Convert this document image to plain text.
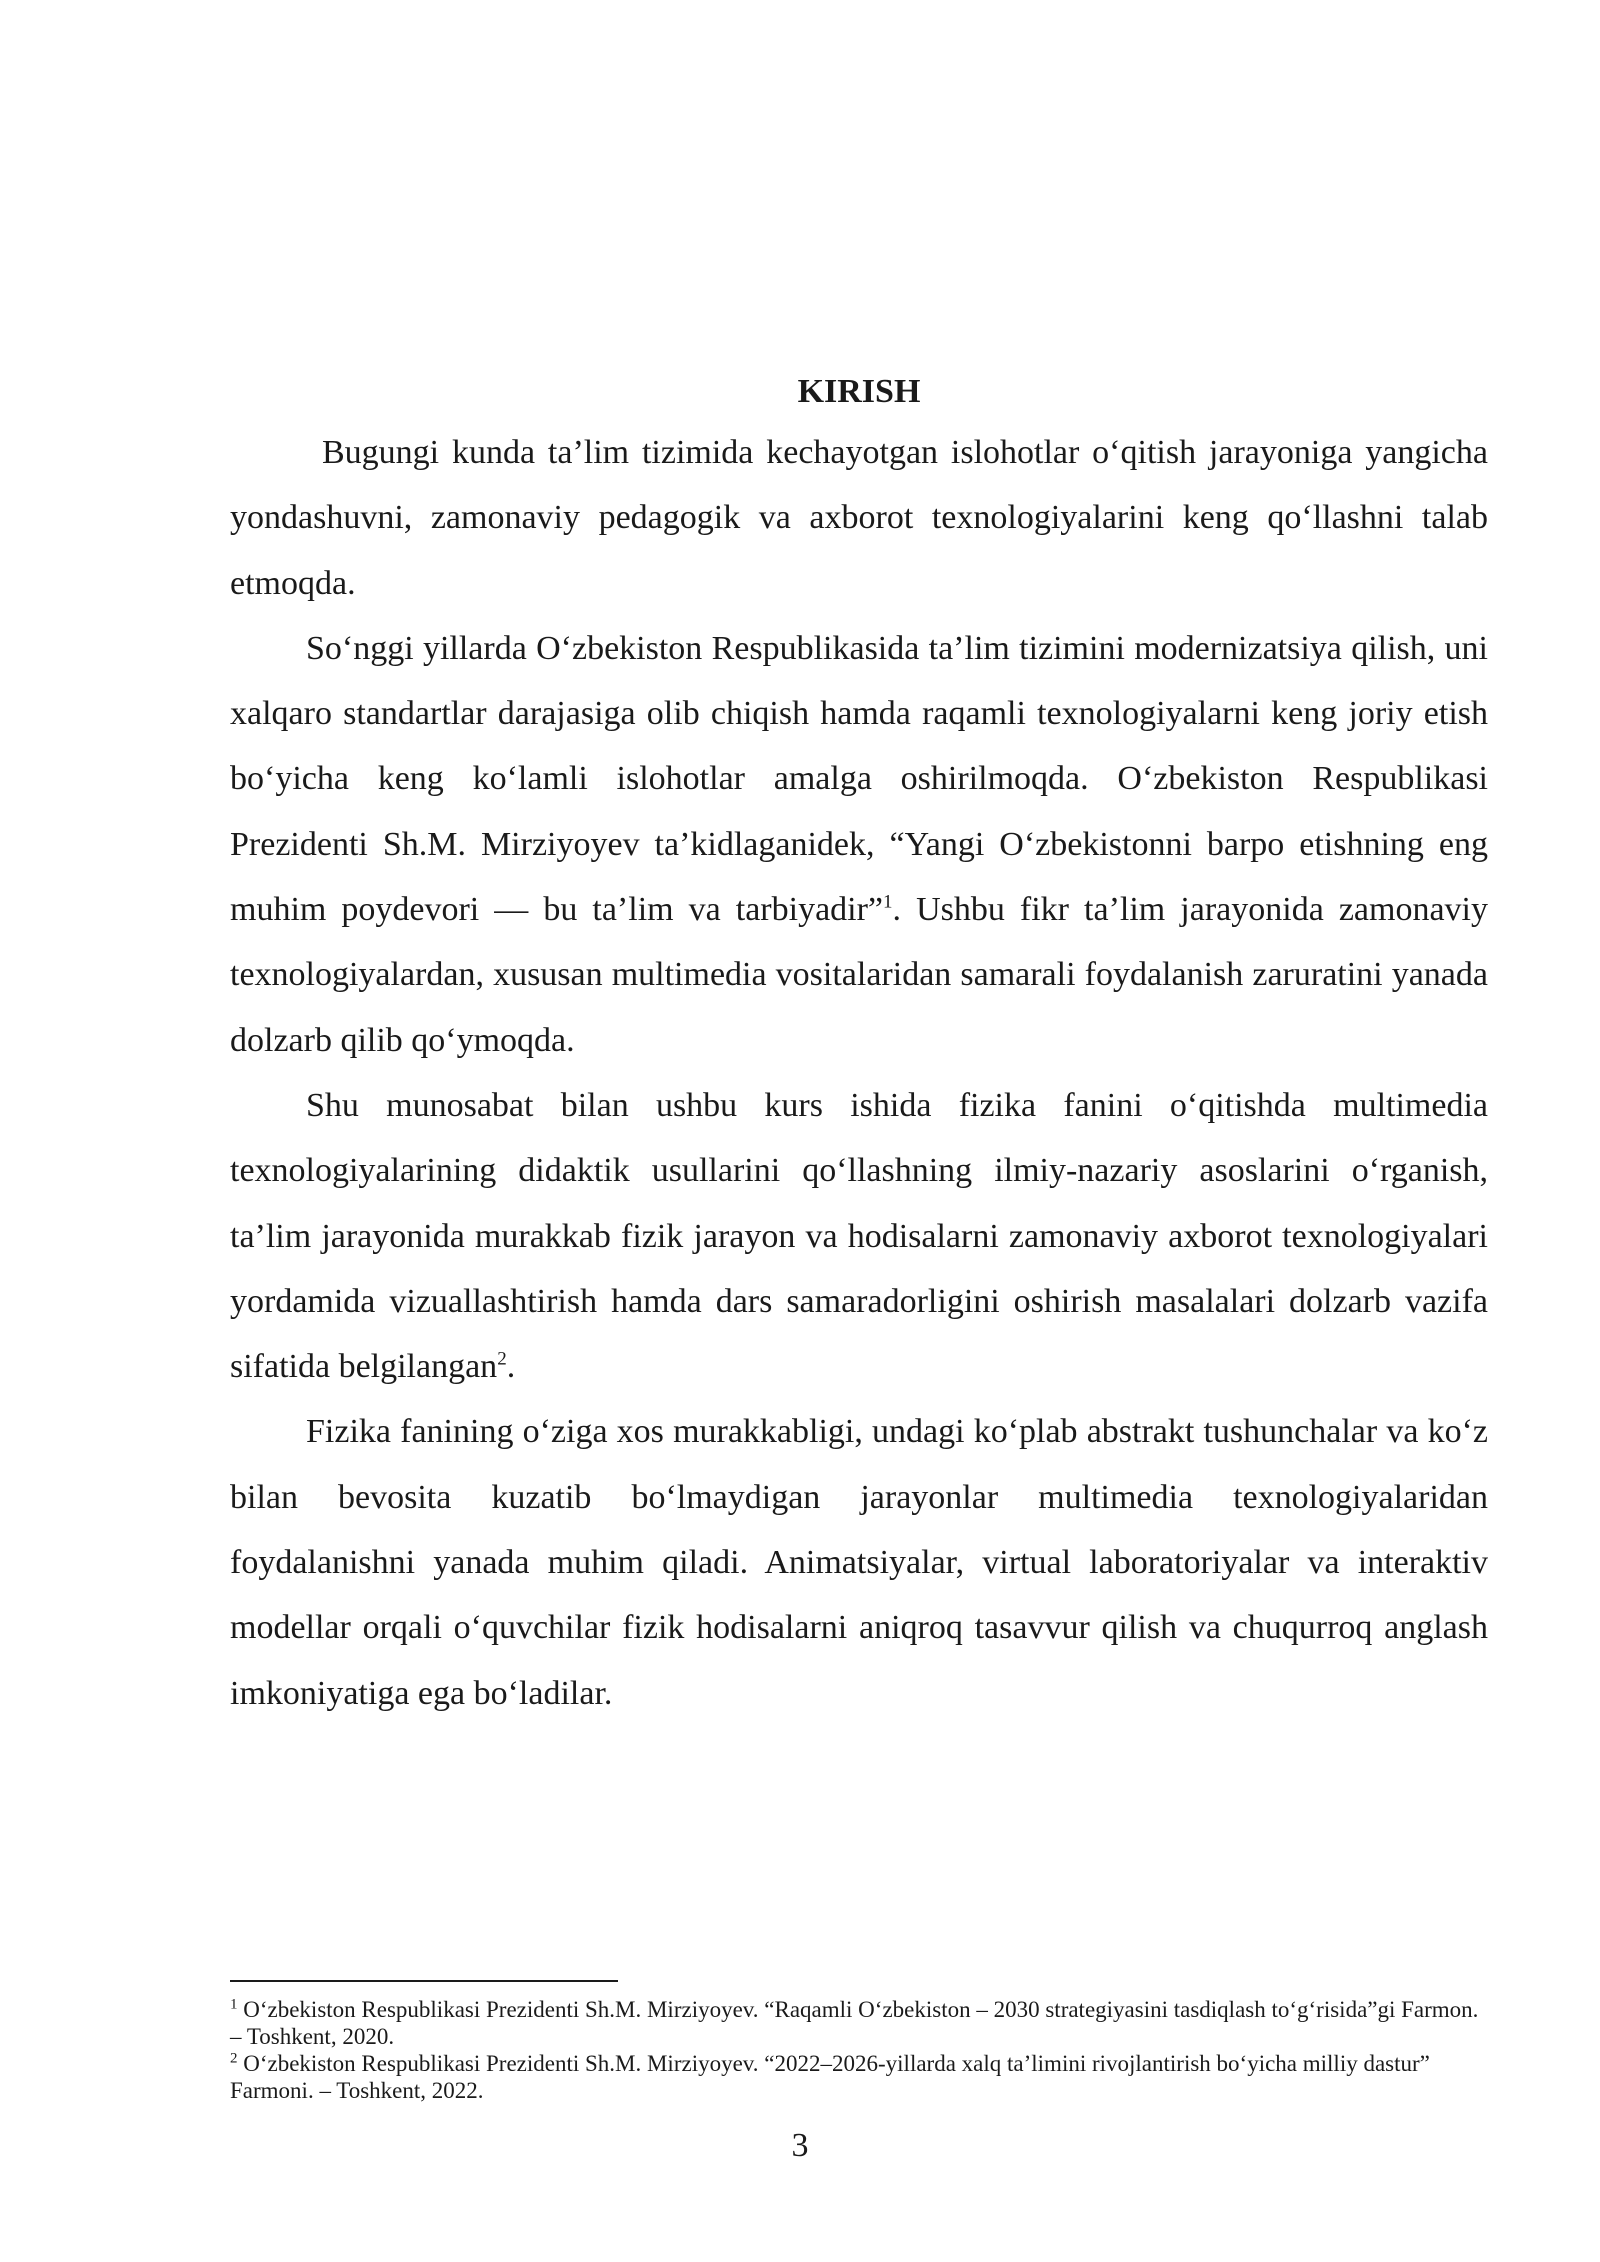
KIRISH

Bugungi kunda ta’lim tizimida kechayotgan islohotlar o‘qitish jarayoniga yangicha yondashuvni, zamonaviy pedagogik va axborot texnologiyalarini keng qo‘llashni talab etmoqda.

So‘nggi yillarda O‘zbekiston Respublikasida ta’lim tizimini modernizatsiya qilish, uni xalqaro standartlar darajasiga olib chiqish hamda raqamli texnologiyalarni keng joriy etish bo‘yicha keng ko‘lamli islohotlar amalga oshirilmoqda. O‘zbekiston Respublikasi Prezidenti Sh.M. Mirziyoyev ta’kidlaganidek, “Yangi O‘zbekistonni barpo etishning eng muhim poydevori — bu ta’lim va tarbiyadir”$^1$. Ushbu fikr ta’lim jarayonida zamonaviy texnologiyalardan, xususan multimedia vositalaridan samarali foydalanish zaruratini yanada dolzarb qilib qo‘ymoqda.

Shu munosabat bilan ushbu kurs ishida fizika fanini o‘qitishda multimedia texnologiyalarining didaktik usullarini qo‘llashning ilmiy-nazariy asoslarini o‘rganish, ta’lim jarayonida murakkab fizik jarayon va hodisalarni zamonaviy axborot texnologiyalari yordamida vizuallashtirish hamda dars samaradorligini oshirish masalalari dolzarb vazifa sifatida belgilangan$^2$.

Fizika fanining o‘ziga xos murakkabligi, undagi ko‘plab abstrakt tushunchalar va ko‘z bilan bevosita kuzatib bo‘lmaydigan jarayonlar multimedia texnologiyalaridan foydalanishni yanada muhim qiladi. Animatsiyalar, virtual laboratoriyalar va interaktiv modellar orqali o‘quvchilar fizik hodisalarni aniqroq tasavvur qilish va chuqurroq anglash imkoniyatiga ega bo‘ladilar.

$^1$ O‘zbekiston Respublikasi Prezidenti Sh.M. Mirziyoyev. “Raqamli O‘zbekiston – 2030 strategiyasini tasdiqlash to‘g‘risida”gi Farmon. – Toshkent, 2020.

$^2$ O‘zbekiston Respublikasi Prezidenti Sh.M. Mirziyoyev. “2022–2026-yillarda xalq ta’limini rivojlantirish bo‘yicha milliy dastur” Farmoni. – Toshkent, 2022.

3
